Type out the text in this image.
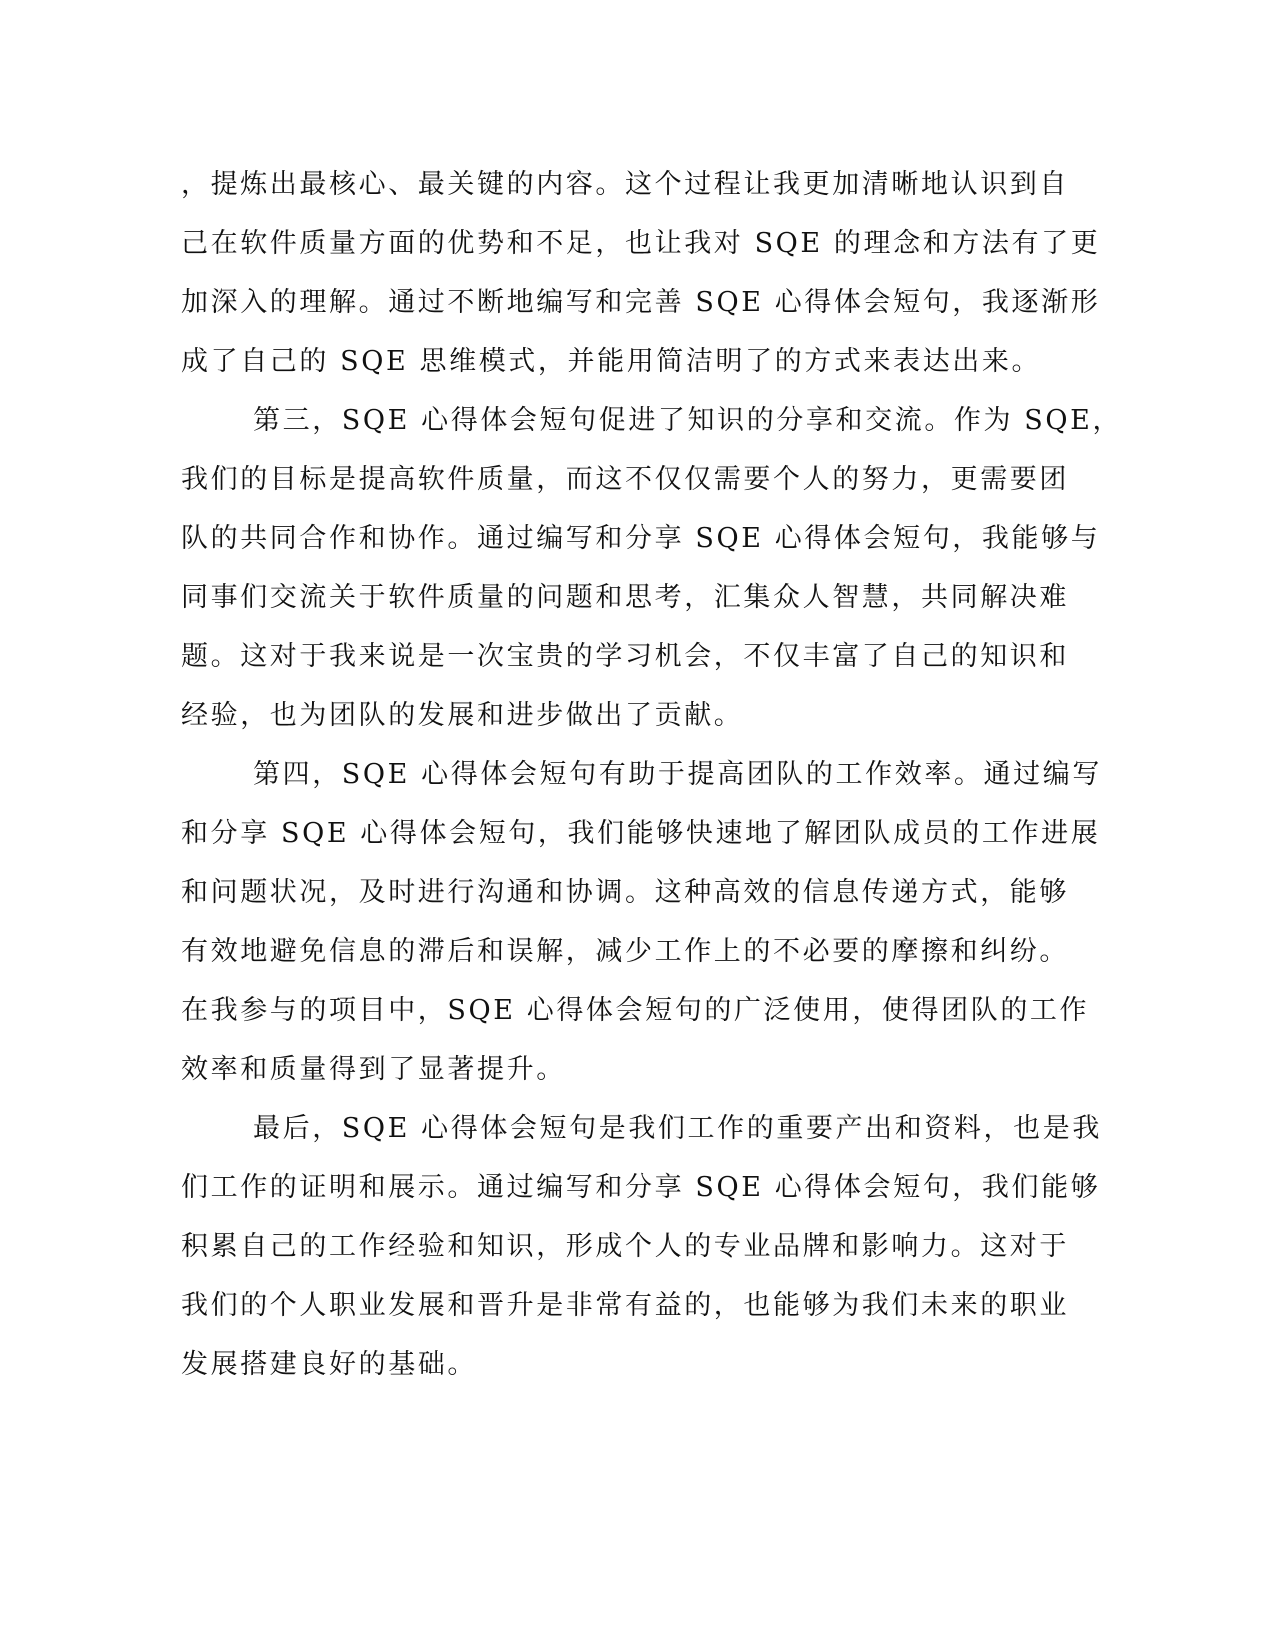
，提炼出最核心、最关键的内容。这个过程让我更加清晰地认识到自
己在软件质量方面的优势和不足，也让我对 SQE 的理念和方法有了更
加深入的理解。通过不断地编写和完善 SQE 心得体会短句，我逐渐形
成了自己的 SQE 思维模式，并能用简洁明了的方式来表达出来。
第三，SQE 心得体会短句促进了知识的分享和交流。作为 SQE，
我们的目标是提高软件质量，而这不仅仅需要个人的努力，更需要团
队的共同合作和协作。通过编写和分享 SQE 心得体会短句，我能够与
同事们交流关于软件质量的问题和思考，汇集众人智慧，共同解决难
题。这对于我来说是一次宝贵的学习机会，不仅丰富了自己的知识和
经验，也为团队的发展和进步做出了贡献。
第四，SQE 心得体会短句有助于提高团队的工作效率。通过编写
和分享 SQE 心得体会短句，我们能够快速地了解团队成员的工作进展
和问题状况，及时进行沟通和协调。这种高效的信息传递方式，能够
有效地避免信息的滞后和误解，减少工作上的不必要的摩擦和纠纷。
在我参与的项目中，SQE 心得体会短句的广泛使用，使得团队的工作
效率和质量得到了显著提升。
最后，SQE 心得体会短句是我们工作的重要产出和资料，也是我
们工作的证明和展示。通过编写和分享 SQE 心得体会短句，我们能够
积累自己的工作经验和知识，形成个人的专业品牌和影响力。这对于
我们的个人职业发展和晋升是非常有益的，也能够为我们未来的职业
发展搭建良好的基础。
